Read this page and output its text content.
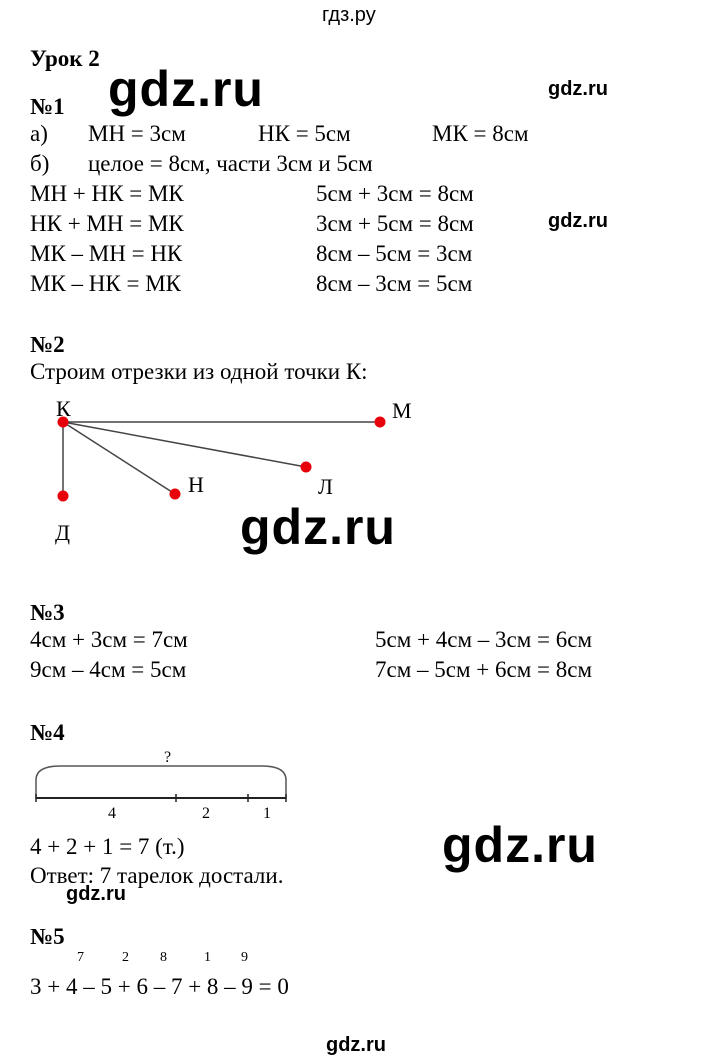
гдз.ру
Урок 2
gdz.ru	gdz.ru
gdz.ru
gdz.ru
gdz.ru
gdz.ru
gdz.ru
№1
а) МН = 3см	НК = 5см	МК = 8см
б) целое = 8см, части 3см и 5см
МН + НК = МК	5см + 3см = 8см
НК + МН = МК	3см + 5см = 8см
МК – МН = НК	8см – 5см = 3см
МК – НК = МК	8см – 3см = 5см
№2
Строим отрезки из одной точки К:
К	М
Л
Н
Д
№3
4см + 3см = 7см	5см + 4см – 3см = 6см
9см – 4см = 5см	7см – 5см + 6см = 8см
№4
?
4	2	1
4 + 2 + 1 = 7 (т.)
Ответ: 7 тарелок достали.
№5
7	2 8	1 9
3 + 4 – 5 + 6 – 7 + 8 – 9 = 0
